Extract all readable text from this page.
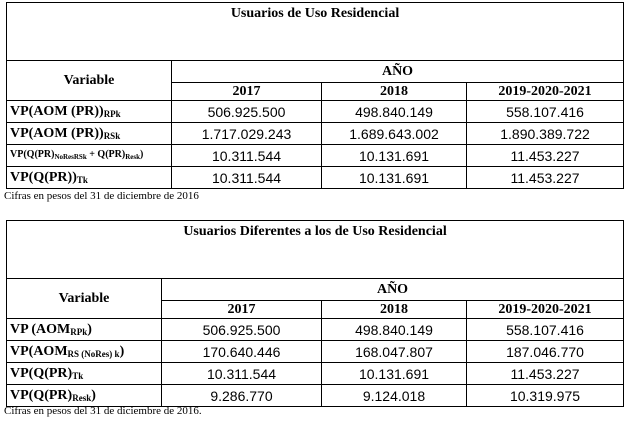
Usuarios de Uso Residencial			
Variable	AÑO		
	2017	2018	2019-2020-2021
VP(AOM $(PR))_{RPk}$	506.925.500	498.840.149	558.107.416
VP(AOM $(PR))_{RSk}$	1.717.029.243	1.689.643.002	1.890.389.722
$VP(Q(PR)_{NoResRSk} + Q(PR)_{Resk})$	10.311.544	10.131.691	11.453.227
$VP(Q(PR))_{Tk}$	10.311.544	10.131.691	11.453.227
Cifras en pesos del 31 de diciembre de 2016
Usuarios Diferentes a los de Uso Residencial			
Variable	AÑO		
	2017	2018	2019-2020-2021
VP $(AOM_{RPk})$	506.925.500	498.840.149	558.107.416
$VP(AOM_{RS (NoRes) k})$	170.640.446	168.047.807	187.046.770
$VP(Q(PR)_{Tk}$	10.311.544	10.131.691	11.453.227
$VP(Q(PR)_{Resk})$	9.286.770	9.124.018	10.319.975
Cifras en pesos del 31 de diciembre de 2016.
